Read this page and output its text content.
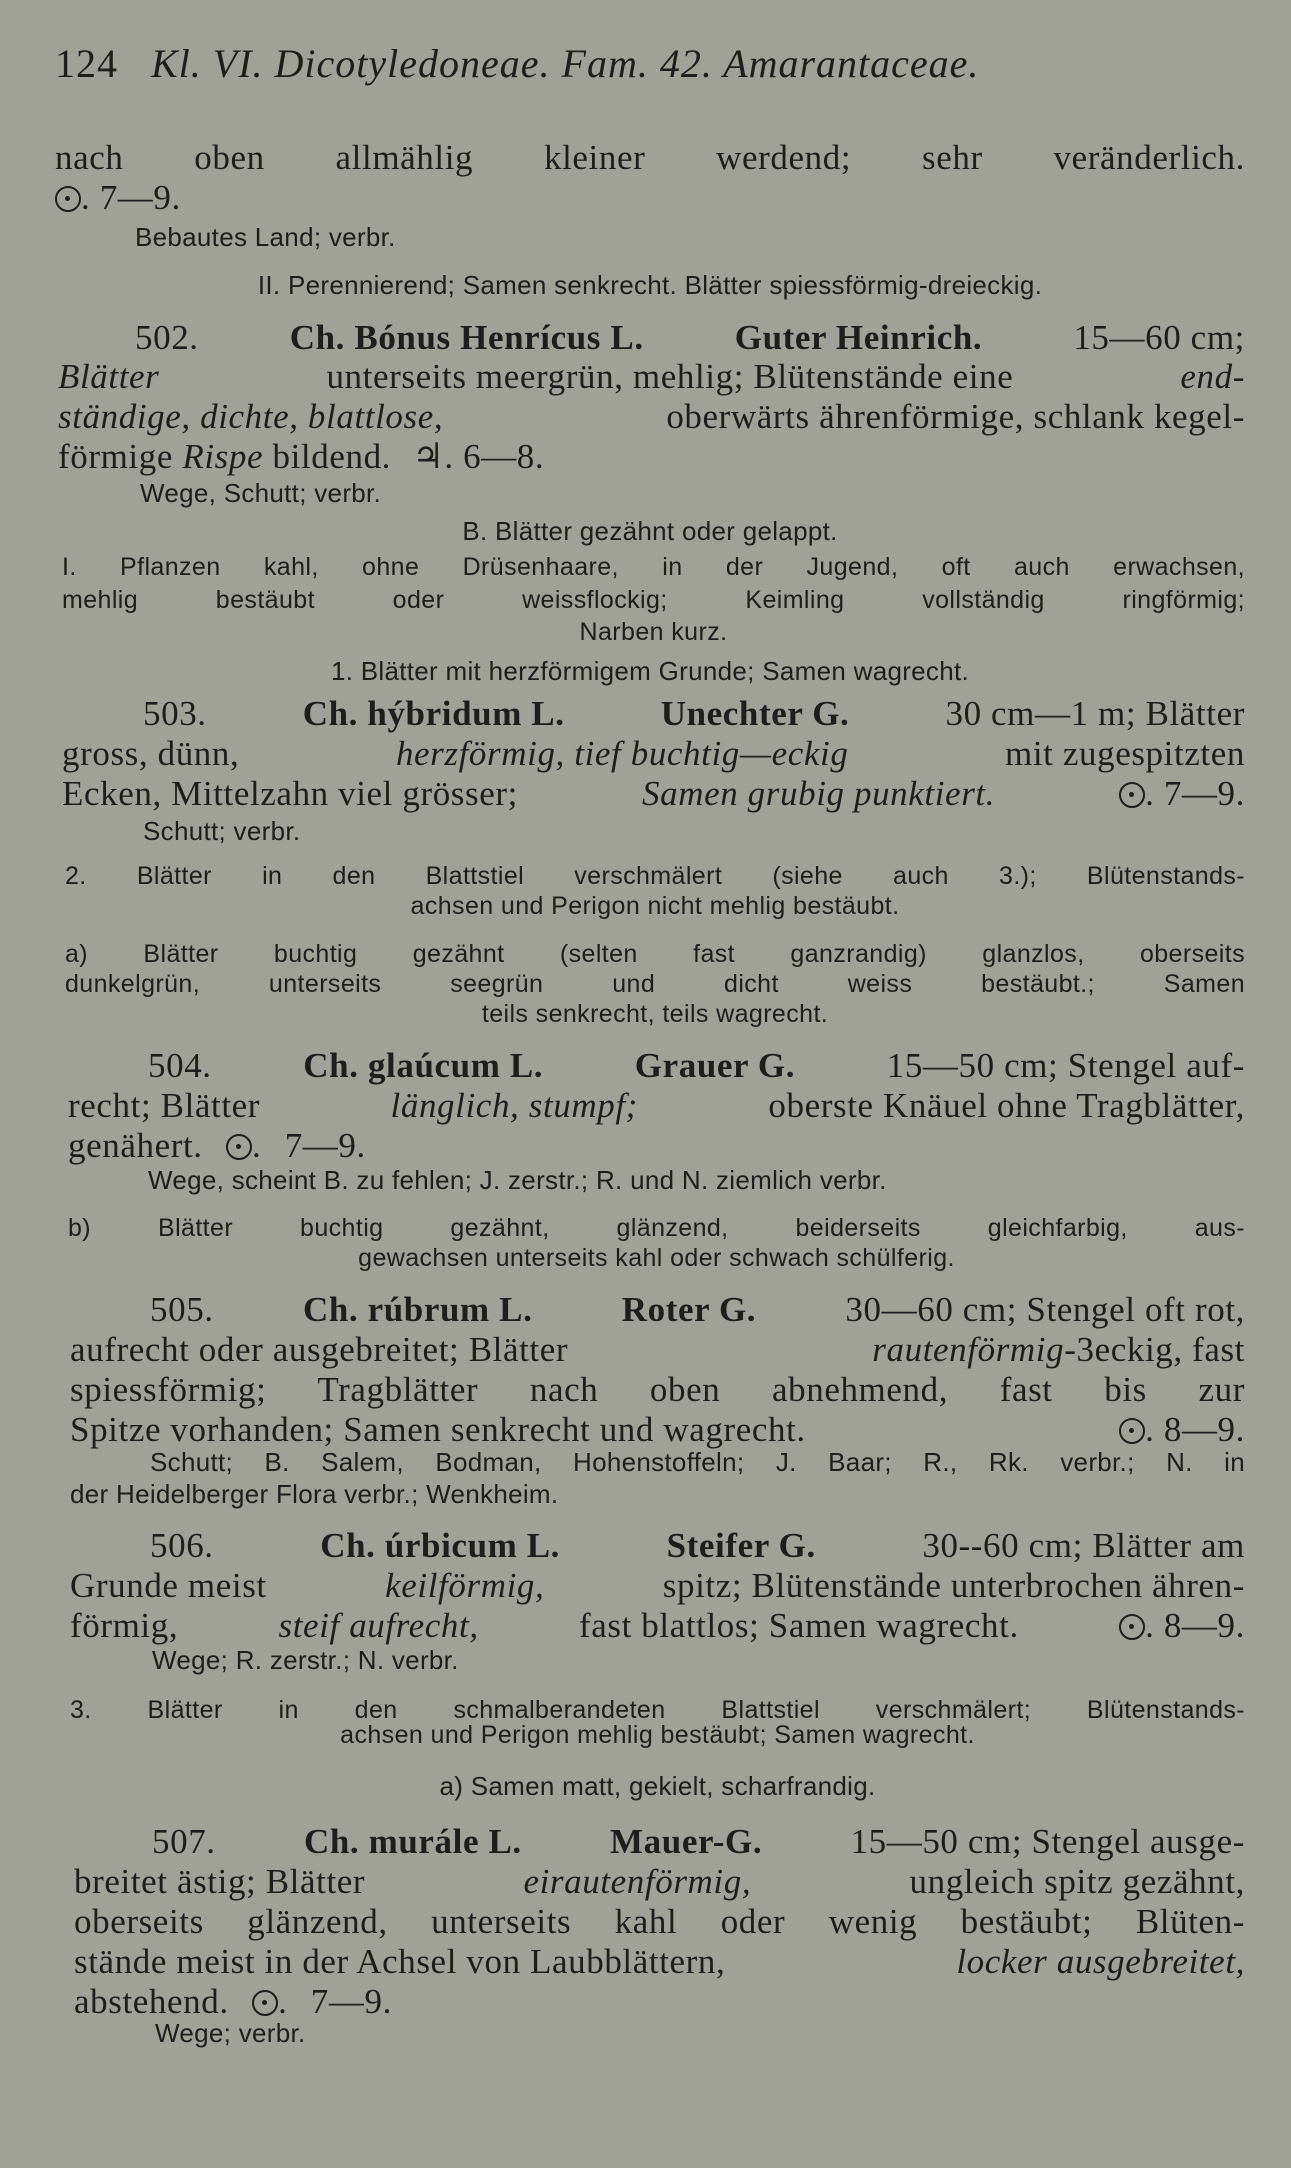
124 Kl. VI. Dicotyledoneae. Fam. 42. Amarantaceae.
nach oben allmählig kleiner werdend; sehr veränderlich.
. 7—9.
Bebautes Land; verbr.
II. Perennierend; Samen senkrecht. Blätter spiessförmig-dreieckig.
502.	Ch. Bónus Henrícus L.	Guter Heinrich.	15—60 cm;
Blätter	unterseits meergrün, mehlig; Blütenstände eine	end-
ständige, dichte, blattlose,	oberwärts ährenförmige, schlank kegel-
förmige Rispe bildend. ♃. 6—8.
Wege, Schutt; verbr.
B. Blätter gezähnt oder gelappt.
I. Pflanzen kahl, ohne Drüsenhaare, in der Jugend, oft auch erwachsen,
mehlig bestäubt oder weissflockig; Keimling vollständig ringförmig;
Narben kurz.
1. Blätter mit herzförmigem Grunde; Samen wagrecht.
503.	Ch. hýbridum L.	Unechter G.	30 cm—1 m; Blätter
gross, dünn,	herzförmig, tief buchtig—eckig	mit zugespitzten
Ecken, Mittelzahn viel grösser;	Samen grubig punktiert.	. 7—9.
Schutt; verbr.
2. Blätter in den Blattstiel verschmälert (siehe auch 3.); Blütenstands-
achsen und Perigon nicht mehlig bestäubt.
a) Blätter buchtig gezähnt (selten fast ganzrandig) glanzlos, oberseits
dunkelgrün, unterseits seegrün und dicht weiss bestäubt.; Samen
teils senkrecht, teils wagrecht.
504.	Ch. glaúcum L.	Grauer G.	15—50 cm; Stengel auf-
recht; Blätter	länglich, stumpf;	oberste Knäuel ohne Tragblätter,
genähert. . 7—9.
Wege, scheint B. zu fehlen; J. zerstr.; R. und N. ziemlich verbr.
b) Blätter buchtig gezähnt, glänzend, beiderseits gleichfarbig, aus-
gewachsen unterseits kahl oder schwach schülferig.
505.	Ch. rúbrum L.	Roter G.	30—60 cm; Stengel oft rot,
aufrecht oder ausgebreitet; Blätter	rautenförmig-3eckig, fast
spiessförmig; Tragblätter nach oben abnehmend, fast bis zur
Spitze vorhanden; Samen senkrecht und wagrecht.	. 8—9.
Schutt; B. Salem, Bodman, Hohenstoffeln; J. Baar; R., Rk. verbr.; N. in
der Heidelberger Flora verbr.; Wenkheim.
506.	Ch. úrbicum L.	Steifer G.	30--60 cm; Blätter am
Grunde meist	keilförmig,	spitz; Blütenstände unterbrochen ähren-
förmig,	steif aufrecht,	fast blattlos; Samen wagrecht.	. 8—9.
Wege; R. zerstr.; N. verbr.
3. Blätter in den schmalberandeten Blattstiel verschmälert; Blütenstands-
achsen und Perigon mehlig bestäubt; Samen wagrecht.
a) Samen matt, gekielt, scharfrandig.
507.	Ch. murále L.	Mauer-G.	15—50 cm; Stengel ausge-
breitet ästig; Blätter	eirautenförmig,	ungleich spitz gezähnt,
oberseits glänzend, unterseits kahl oder wenig bestäubt; Blüten-
stände meist in der Achsel von Laubblättern,	locker ausgebreitet,
abstehend. . 7—9.
Wege; verbr.
